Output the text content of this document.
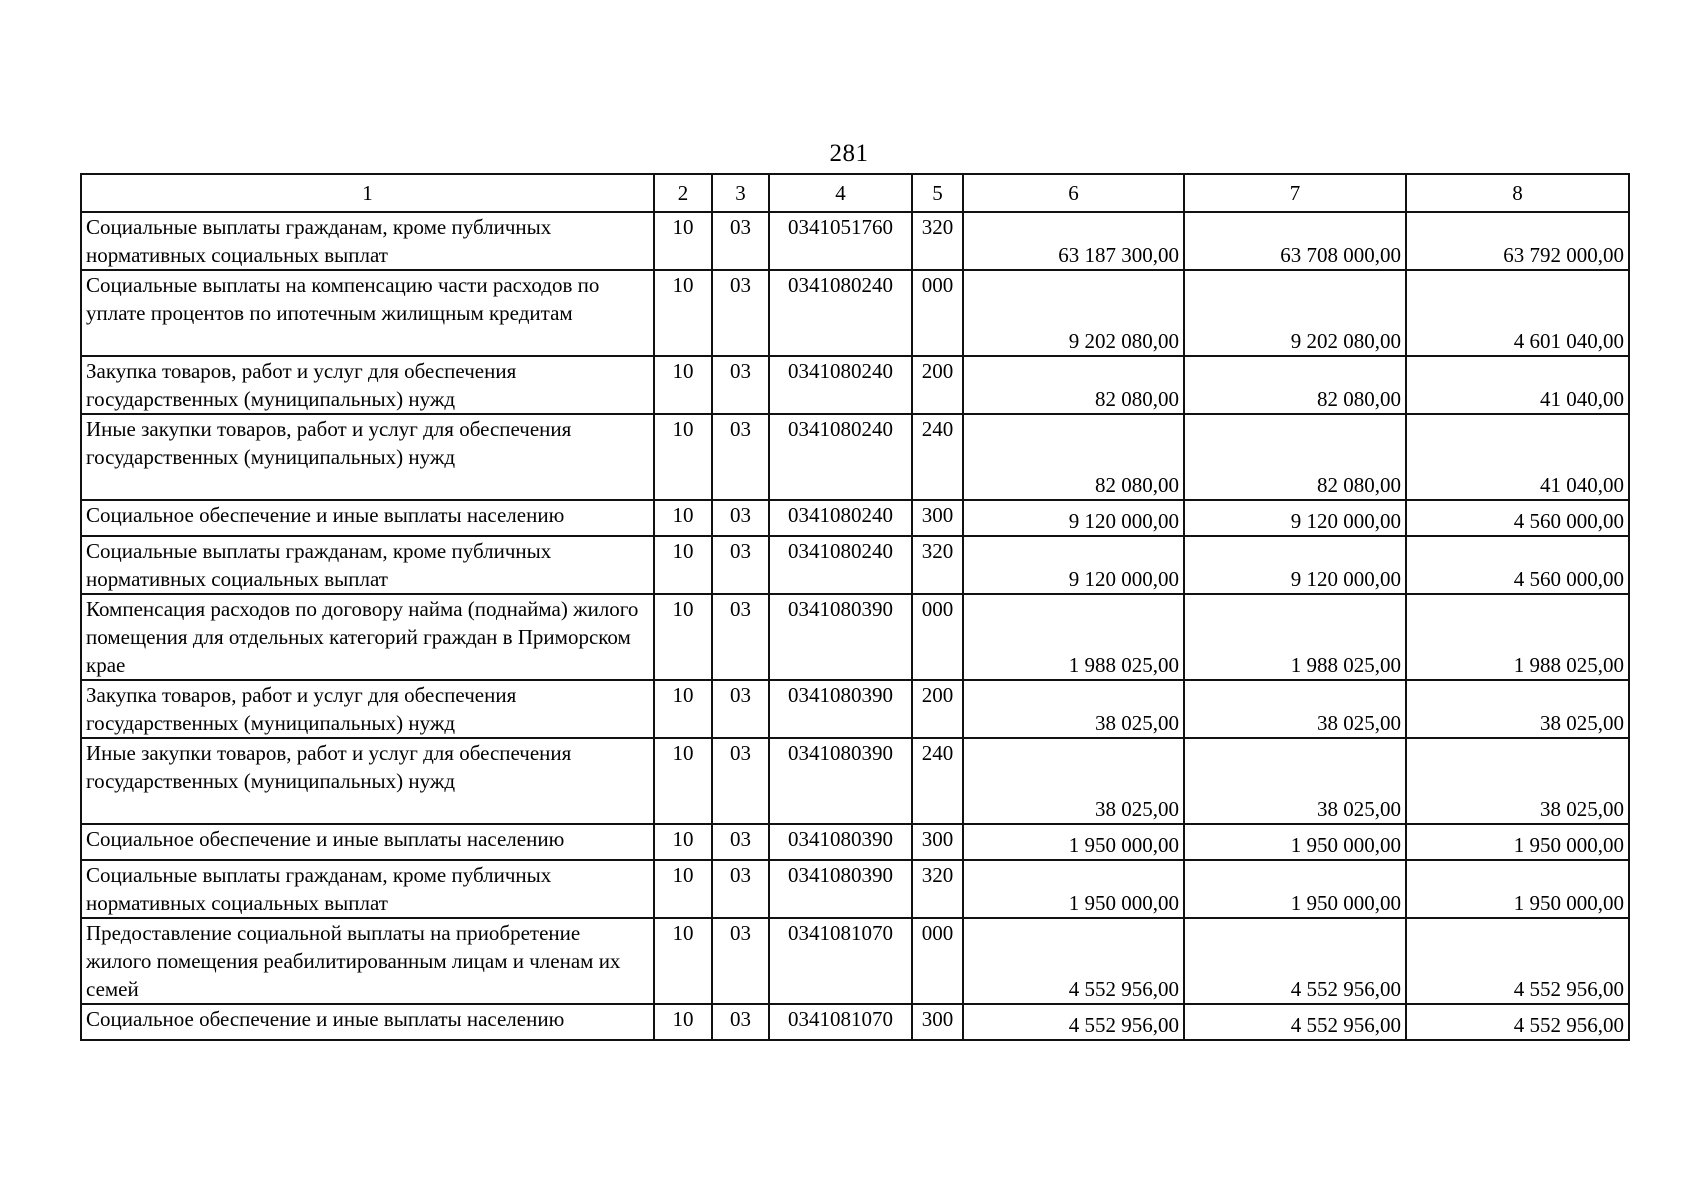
281
1	2	3	4	5	6	7	8
Социальные выплаты гражданам, кроме публичных нормативных социальных выплат	10	03	0341051760	320	63 187 300,00	63 708 000,00	63 792 000,00
Социальные выплаты на компенсацию части расходов по уплате процентов по ипотечным жилищным кредитам	10	03	0341080240	000	9 202 080,00	9 202 080,00	4 601 040,00
Закупка товаров, работ и услуг для обеспечения государственных (муниципальных) нужд	10	03	0341080240	200	82 080,00	82 080,00	41 040,00
Иные закупки товаров, работ и услуг для обеспечения государственных (муниципальных) нужд	10	03	0341080240	240	82 080,00	82 080,00	41 040,00
Социальное обеспечение и иные выплаты населению	10	03	0341080240	300	9 120 000,00	9 120 000,00	4 560 000,00
Социальные выплаты гражданам, кроме публичных нормативных социальных выплат	10	03	0341080240	320	9 120 000,00	9 120 000,00	4 560 000,00
Компенсация расходов по договору найма (поднайма) жилого помещения для отдельных категорий граждан в Приморском крае	10	03	0341080390	000	1 988 025,00	1 988 025,00	1 988 025,00
Закупка товаров, работ и услуг для обеспечения государственных (муниципальных) нужд	10	03	0341080390	200	38 025,00	38 025,00	38 025,00
Иные закупки товаров, работ и услуг для обеспечения государственных (муниципальных) нужд	10	03	0341080390	240	38 025,00	38 025,00	38 025,00
Социальное обеспечение и иные выплаты населению	10	03	0341080390	300	1 950 000,00	1 950 000,00	1 950 000,00
Социальные выплаты гражданам, кроме публичных нормативных социальных выплат	10	03	0341080390	320	1 950 000,00	1 950 000,00	1 950 000,00
Предоставление социальной выплаты на приобретение жилого помещения реабилитированным лицам и членам их семей	10	03	0341081070	000	4 552 956,00	4 552 956,00	4 552 956,00
Социальное обеспечение и иные выплаты населению	10	03	0341081070	300	4 552 956,00	4 552 956,00	4 552 956,00
